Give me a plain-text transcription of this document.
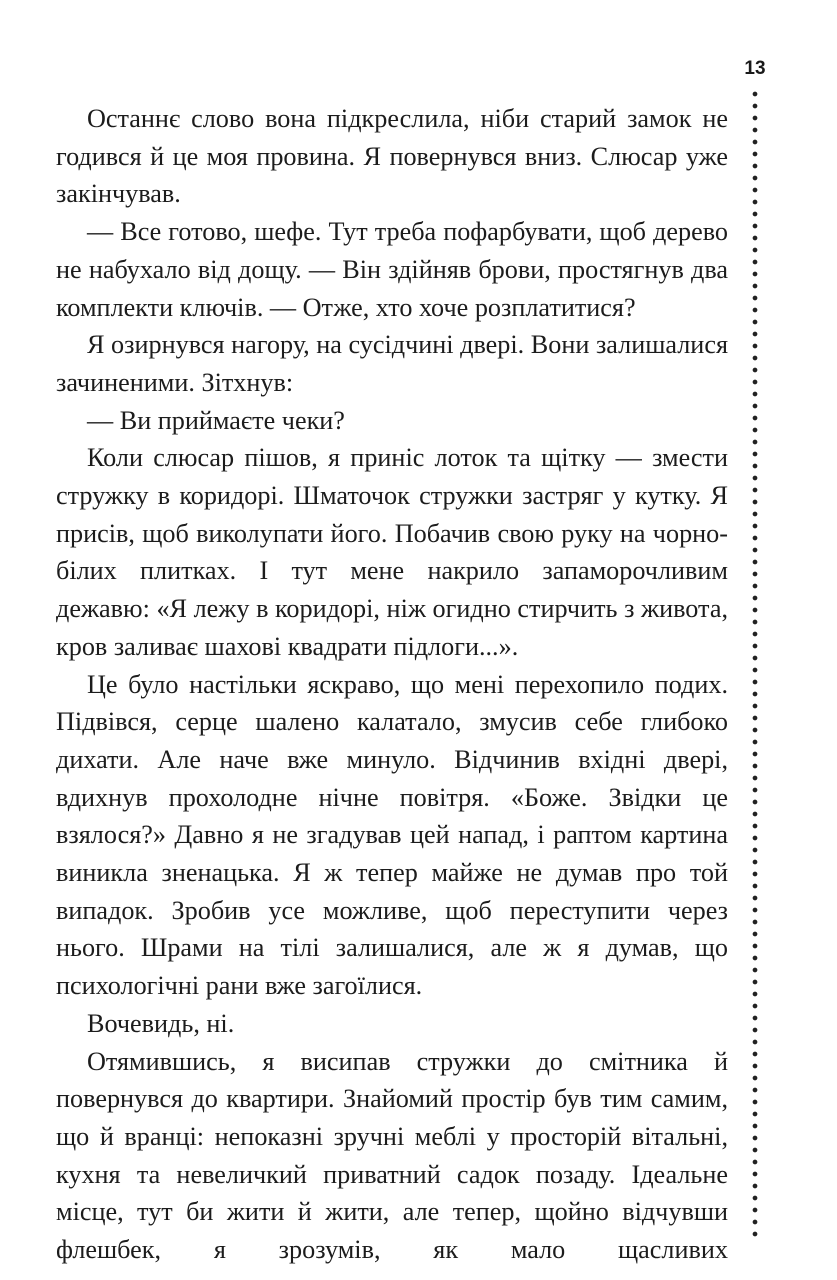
13

Останнє слово вона підкреслила, ніби старий замок не годився й це моя провина. Я повернувся вниз. Слюсар уже закінчував.

— Все готово, шефе. Тут треба пофарбувати, щоб дерево не набухало від дощу. — Він здійняв брови, простягнув два комплекти ключів. — Отже, хто хоче розплатитися?

Я озирнувся нагору, на сусідчині двері. Вони залишалися зачиненими. Зітхнув:

— Ви приймаєте чеки?

Коли слюсар пішов, я приніс лоток та щітку — змести стружку в коридорі. Шматочок стружки застряг у кутку. Я присів, щоб виколупати його. Побачив свою руку на чорно-білих плитках. І тут мене накрило запаморочливим дежавю: «Я лежу в коридорі, ніж огидно стирчить з живота, кров заливає шахові квадрати підлоги...».

Це було настільки яскраво, що мені перехопило подих. Підвівся, серце шалено калатало, змусив себе глибоко дихати. Але наче вже минуло. Відчинив вхідні двері, вдихнув прохолодне нічне повітря. «Боже. Звідки це взялося?» Давно я не згадував цей напад, і раптом картина виникла зненацька. Я ж тепер майже не думав про той випадок. Зробив усе можливе, щоб переступити через нього. Шрами на тілі залишалися, але ж я думав, що психологічні рани вже загоїлися.

Вочевидь, ні.

Отямившись, я висипав стружки до смітника й повернувся до квартири. Знайомий простір був тим самим, що й вранці: непоказні зручні меблі у просторій вітальні, кухня та невеличкий приватний садок позаду. Ідеальне місце, тут би жити й жити, але тепер, щойно відчувши флешбек, я зрозумів, як мало щасливих
